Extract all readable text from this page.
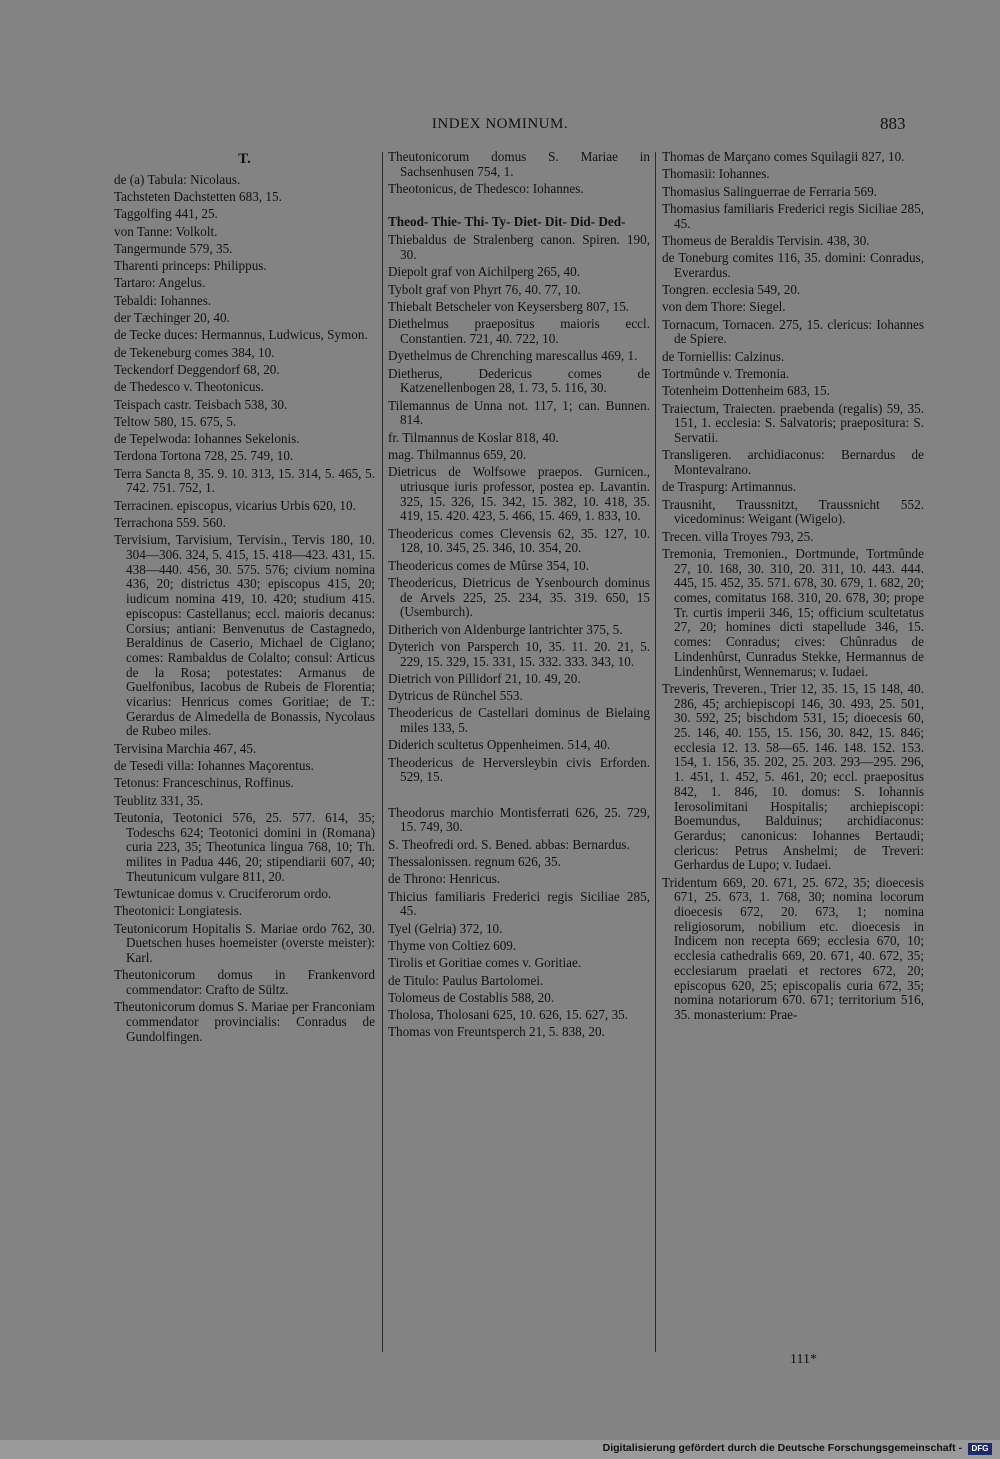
INDEX NOMINUM.	883
T.
de (a) Tabula: Nicolaus.
Tachsteten Dachstetten 683, 15.
Taggolfing 441, 25.
von Tanne: Volkolt.
Tangermunde 579, 35.
Tharenti princeps: Philippus.
Tartaro: Angelus.
Tebaldi: Iohannes.
der Tæchinger 20, 40.
de Tecke duces: Hermannus, Ludwicus, Symon.
de Tekeneburg comes 384, 10.
Teckendorf Deggendorf 68, 20.
de Thedesco v. Theotonicus.
Teispach castr. Teisbach 538, 30.
Teltow 580, 15. 675, 5.
de Tepelwoda: Iohannes Sekelonis.
Terdona Tortona 728, 25. 749, 10.
Terra Sancta 8, 35. 9. 10. 313, 15. 314, 5. 465, 5. 742. 751. 752, 1.
Terracinen. episcopus, vicarius Urbis 620, 10.
Terrachona 559. 560.
Tervisium, Tarvisium, Tervisin., Tervis 180, 10. 304—306. 324, 5. 415, 15. 418—423. 431, 15. 438—440. 456, 30. 575. 576; civium nomina 436, 20; districtus 430; episcopus 415, 20; iudicum nomina 419, 10. 420; studium 415. episcopus: Castellanus; eccl. maioris decanus: Corsius; antiani: Benvenutus de Castagnedo, Beraldinus de Caserio, Michael de Ciglano; comes: Rambaldus de Colalto; consul: Articus de la Rosa; potestates: Armanus de Guelfonibus, Iacobus de Rubeis de Florentia; vicarius: Henricus comes Goritiae; de T.: Gerardus de Almedella de Bonassis, Nycolaus de Rubeo miles.
Tervisina Marchia 467, 45.
de Tesedi villa: Iohannes Maçorentus.
Tetonus: Franceschinus, Roffinus.
Teublitz 331, 35.
Teutonia, Teotonici 576, 25. 577. 614, 35; Todeschs 624; Teotonici domini in (Romana) curia 223, 35; Theotunica lingua 768, 10; Th. milites in Padua 446, 20; stipendiarii 607, 40; Theutunicum vulgare 811, 20.
Tewtunicae domus v. Cruciferorum ordo.
Theotonici: Longiatesis.
Teutonicorum Hopitalis S. Mariae ordo 762, 30. Duetschen huses hoemeister (overste meister): Karl.
Theutonicorum domus in Frankenvord commendator: Crafto de Sültz.
Theutonicorum domus S. Mariae per Franconiam commendator provincialis: Conradus de Gundolfingen.
Theutonicorum domus S. Mariae in Sachsenhusen 754, 1.
Theotonicus, de Thedesco: Iohannes.
Theod- Thie- Thi- Ty- Diet- Dit- Did- Ded-
Thiebaldus de Stralenberg canon. Spiren. 190, 30.
Diepolt graf von Aichilperg 265, 40.
Tybolt graf von Phyrt 76, 40. 77, 10.
Thiebalt Betscheler von Keysersberg 807, 15.
Diethelmus praepositus maioris eccl. Constantien. 721, 40. 722, 10.
Dyethelmus de Chrenching marescallus 469, 1.
Dietherus, Dedericus comes de Katzenellenbogen 28, 1. 73, 5. 116, 30.
Tilemannus de Unna not. 117, 1; can. Bunnen. 814.
fr. Tilmannus de Koslar 818, 40.
mag. Thilmannus 659, 20.
Dietricus de Wolfsowe praepos. Gurnicen., utriusque iuris professor, postea ep. Lavantin. 325, 15. 326, 15. 342, 15. 382, 10. 418, 35. 419, 15. 420. 423, 5. 466, 15. 469, 1. 833, 10.
Theodericus comes Clevensis 62, 35. 127, 10. 128, 10. 345, 25. 346, 10. 354, 20.
Theodericus comes de Mûrse 354, 10.
Theodericus, Dietricus de Ysenbourch dominus de Arvels 225, 25. 234, 35. 319. 650, 15 (Usemburch).
Ditherich von Aldenburge lantrichter 375, 5.
Dyterich von Parsperch 10, 35. 11. 20. 21, 5. 229, 15. 329, 15. 331, 15. 332. 333. 343, 10.
Dietrich von Pillidorf 21, 10. 49, 20.
Dytricus de Rünchel 553.
Theodericus de Castellari dominus de Bielaing miles 133, 5.
Diderich scultetus Oppenheimen. 514, 40.
Theodericus de Herversleybin civis Erforden. 529, 15.
Theodorus marchio Montisferrati 626, 25. 729, 15. 749, 30.
S. Theofredi ord. S. Bened. abbas: Bernardus.
Thessalonissen. regnum 626, 35.
de Throno: Henricus.
Thicius familiaris Frederici regis Siciliae 285, 45.
Tyel (Gelria) 372, 10.
Thyme von Coltiez 609.
Tirolis et Goritiae comes v. Goritiae.
de Titulo: Paulus Bartolomei.
Tolomeus de Costablis 588, 20.
Tholosa, Tholosani 625, 10. 626, 15. 627, 35.
Thomas von Freuntsperch 21, 5. 838, 20.
Thomas de Marçano comes Squilagii 827, 10.
Thomasii: Iohannes.
Thomasius Salinguerrae de Ferraria 569.
Thomasius familiaris Frederici regis Siciliae 285, 45.
Thomeus de Beraldis Tervisin. 438, 30.
de Toneburg comites 116, 35. domini: Conradus, Everardus.
Tongren. ecclesia 549, 20.
von dem Thore: Siegel.
Tornacum, Tornacen. 275, 15. clericus: Iohannes de Spiere.
de Torniellis: Calzinus.
Tortmûnde v. Tremonia.
Totenheim Dottenheim 683, 15.
Traiectum, Traiecten. praebenda (regalis) 59, 35. 151, 1. ecclesia: S. Salvatoris; praepositura: S. Servatii.
Transligeren. archidiaconus: Bernardus de Montevalrano.
de Traspurg: Artimannus.
Trausniht, Traussnitzt, Traussnicht 552. vicedominus: Weigant (Wigelo).
Trecen. villa Troyes 793, 25.
Tremonia, Tremonien., Dortmunde, Tortmûnde 27, 10. 168, 30. 310, 20. 311, 10. 443. 444. 445, 15. 452, 35. 571. 678, 30. 679, 1. 682, 20; comes, comitatus 168. 310, 20. 678, 30; prope Tr. curtis imperii 346, 15; officium scultetatus 27, 20; homines dicti stapellude 346, 15. comes: Conradus; cives: Chûnradus de Lindenhûrst, Cunradus Stekke, Hermannus de Lindenhûrst, Wennemarus; v. Iudaei.
Treveris, Treveren., Trier 12, 35. 15, 15 148, 40. 286, 45; archiepiscopi 146, 30. 493, 25. 501, 30. 592, 25; bischdom 531, 15; dioecesis 60, 25. 146, 40. 155, 15. 156, 30. 842, 15. 846; ecclesia 12. 13. 58—65. 146. 148. 152. 153. 154, 1. 156, 35. 202, 25. 203. 293—295. 296, 1. 451, 1. 452, 5. 461, 20; eccl. praepositus 842, 1. 846, 10. domus: S. Iohannis Ierosolimitani Hospitalis; archiepiscopi: Boemundus, Balduinus; archidiaconus: Gerardus; canonicus: Iohannes Bertaudi; clericus: Petrus Anshelmi; de Treveri: Gerhardus de Lupo; v. Iudaei.
Tridentum 669, 20. 671, 25. 672, 35; dioecesis 671, 25. 673, 1. 768, 30; nomina locorum dioecesis 672, 20. 673, 1; nomina religiosorum, nobilium etc. dioecesis in Indicem non recepta 669; ecclesia 670, 10; ecclesia cathedralis 669, 20. 671, 40. 672, 35; ecclesiarum praelati et rectores 672, 20; episcopus 620, 25; episcopalis curia 672, 35; nomina notariorum 670. 671; territorium 516, 35. monasterium: Prae-
111*
Digitalisierung gefördert durch die Deutsche Forschungsgemeinschaft -	DFG
